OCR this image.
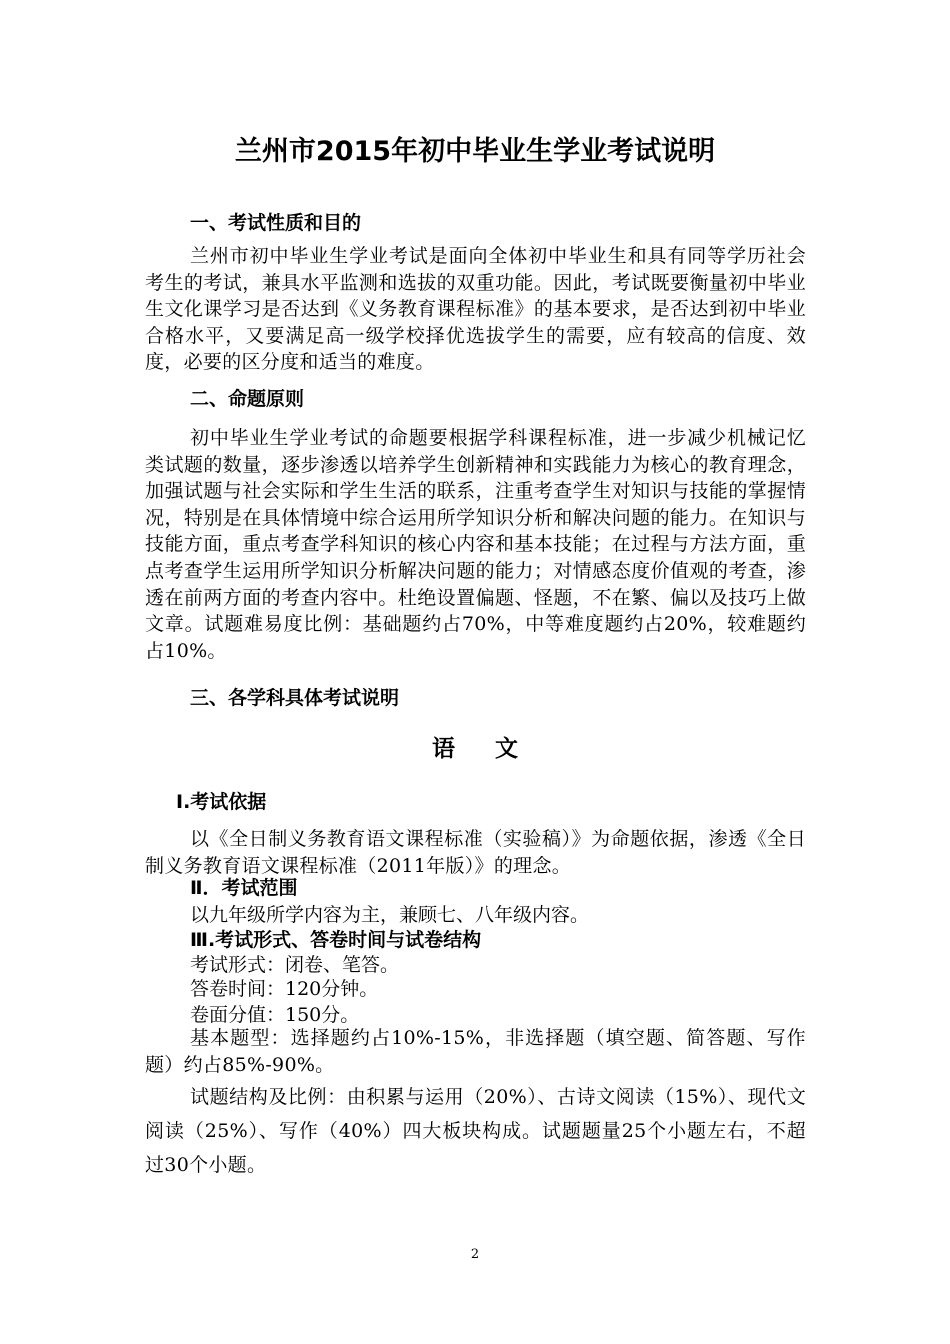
兰州市2015年初中毕业生学业考试说明
一、考试性质和目的
兰州市初中毕业生学业考试是面向全体初中毕业生和具有同等学历社会考生的考试，兼具水平监测和选拔的双重功能。因此，考试既要衡量初中毕业生文化课学习是否达到《义务教育课程标准》的基本要求，是否达到初中毕业合格水平，又要满足高一级学校择优选拔学生的需要，应有较高的信度、效度，必要的区分度和适当的难度。
二、命题原则
初中毕业生学业考试的命题要根据学科课程标准，进一步减少机械记忆类试题的数量，逐步渗透以培养学生创新精神和实践能力为核心的教育理念，加强试题与社会实际和学生生活的联系，注重考查学生对知识与技能的掌握情况，特别是在具体情境中综合运用所学知识分析和解决问题的能力。在知识与技能方面，重点考查学科知识的核心内容和基本技能；在过程与方法方面，重点考查学生运用所学知识分析解决问题的能力；对情感态度价值观的考查，渗透在前两方面的考查内容中。杜绝设置偏题、怪题，不在繁、偏以及技巧上做文章。试题难易度比例：基础题约占70%，中等难度题约占20%，较难题约占10%。
三、各学科具体考试说明
语文
I.考试依据
以《全日制义务教育语文课程标准（实验稿）》为命题依据，渗透《全日制义务教育语文课程标准（2011年版）》的理念。
Ⅱ．考试范围
以九年级所学内容为主，兼顾七、八年级内容。
Ⅲ.考试形式、答卷时间与试卷结构
考试形式：闭卷、笔答。
答卷时间：120分钟。
卷面分值：150分。
基本题型：选择题约占10%-15%，非选择题（填空题、简答题、写作题）约占85%-90%。
试题结构及比例：由积累与运用（20%）、古诗文阅读（15%）、现代文阅读（25%）、写作（40%）四大板块构成。试题题量25个小题左右，不超过30个小题。
2
